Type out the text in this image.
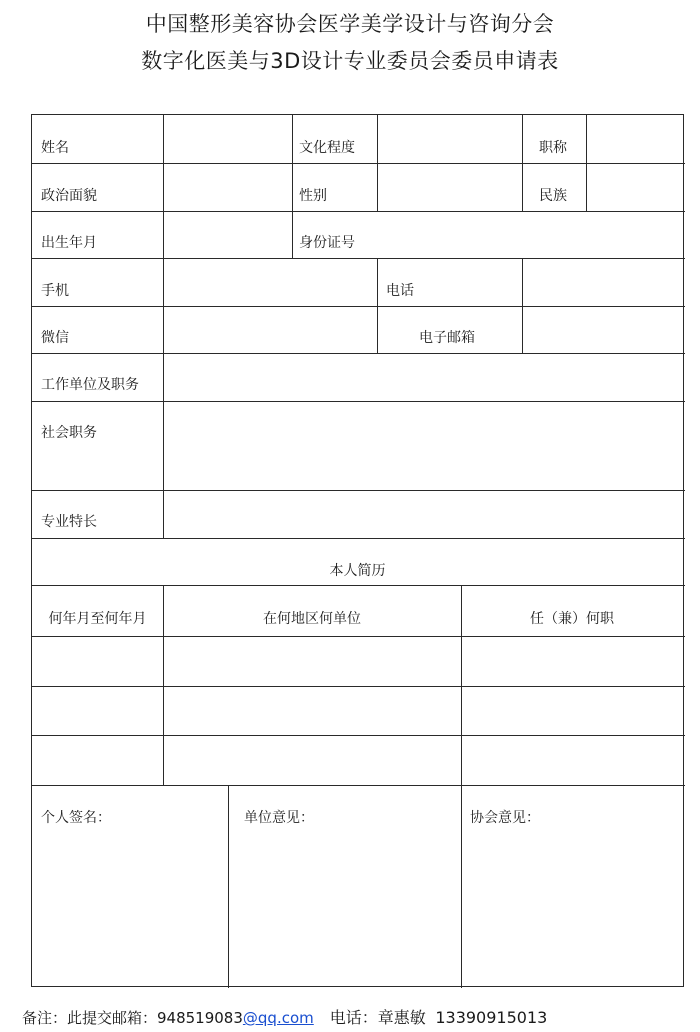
中国整形美容协会医学美学设计与咨询分会
数字化医美与3D设计专业委员会委员申请表
姓名	文化程度	职称
政治面貌	性别	民族
出生年月	身份证号
手机	电话
微信	电子邮箱
工作单位及职务
社会职务
专业特长
本人简历
何年月至何年月	在何地区何单位	任（兼）何职
个人签名：	单位意见：	协会意见：
备注：此提交邮箱：948519083@qq.com 电话：章惠敏 13390915013
